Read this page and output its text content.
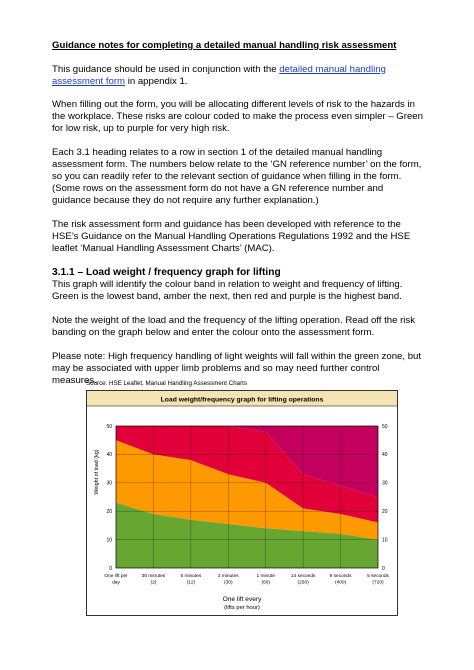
Guidance notes for completing a detailed manual handling risk assessment

This guidance should be used in conjunction with the detailed manual handling assessment form in appendix 1.

When filling out the form, you will be allocating different levels of risk to the hazards in the workplace. These risks are colour coded to make the process even simpler – Green for low risk, up to purple for very high risk.

Each 3.1 heading relates to a row in section 1 of the detailed manual handling assessment form. The numbers below relate to the ‘GN reference number’ on the form, so you can readily refer to the relevant section of guidance when filling in the form. (Some rows on the assessment form do not have a GN reference number and guidance because they do not require any further explanation.)

The risk assessment form and guidance has been developed with reference to the HSE’s Guidance on the Manual Handling Operations Regulations 1992 and the HSE leaflet ‘Manual Handling Assessment Charts’ (MAC).

3.1.1 – Load weight / frequency graph for lifting

This graph will identify the colour band in relation to weight and frequency of lifting. Green is the lowest band, amber the next, then red and purple is the highest band.

Note the weight of the load and the frequency of the lifting operation. Read off the risk banding on the graph below and enter the colour onto the assessment form.

Please note: High frequency handling of light weights will fall within the green zone, but may be associated with upper limb problems and so may need further control measures.

Source: HSE Leaflet, Manual Handling Assessment Charts
Load weight/frequency graph for lifting operations
0	0
10	10
20	20
30	30
40	40
50	50
One lift per
day
30 minutes
(2)
5 minutes
(12)
2 minutes
(30)
1 minute
(60)
14 seconds
(250)
9 seconds
(400)
5 seconds
(720)
Weight of load (kg)
One lift every
(lifts per hour)
